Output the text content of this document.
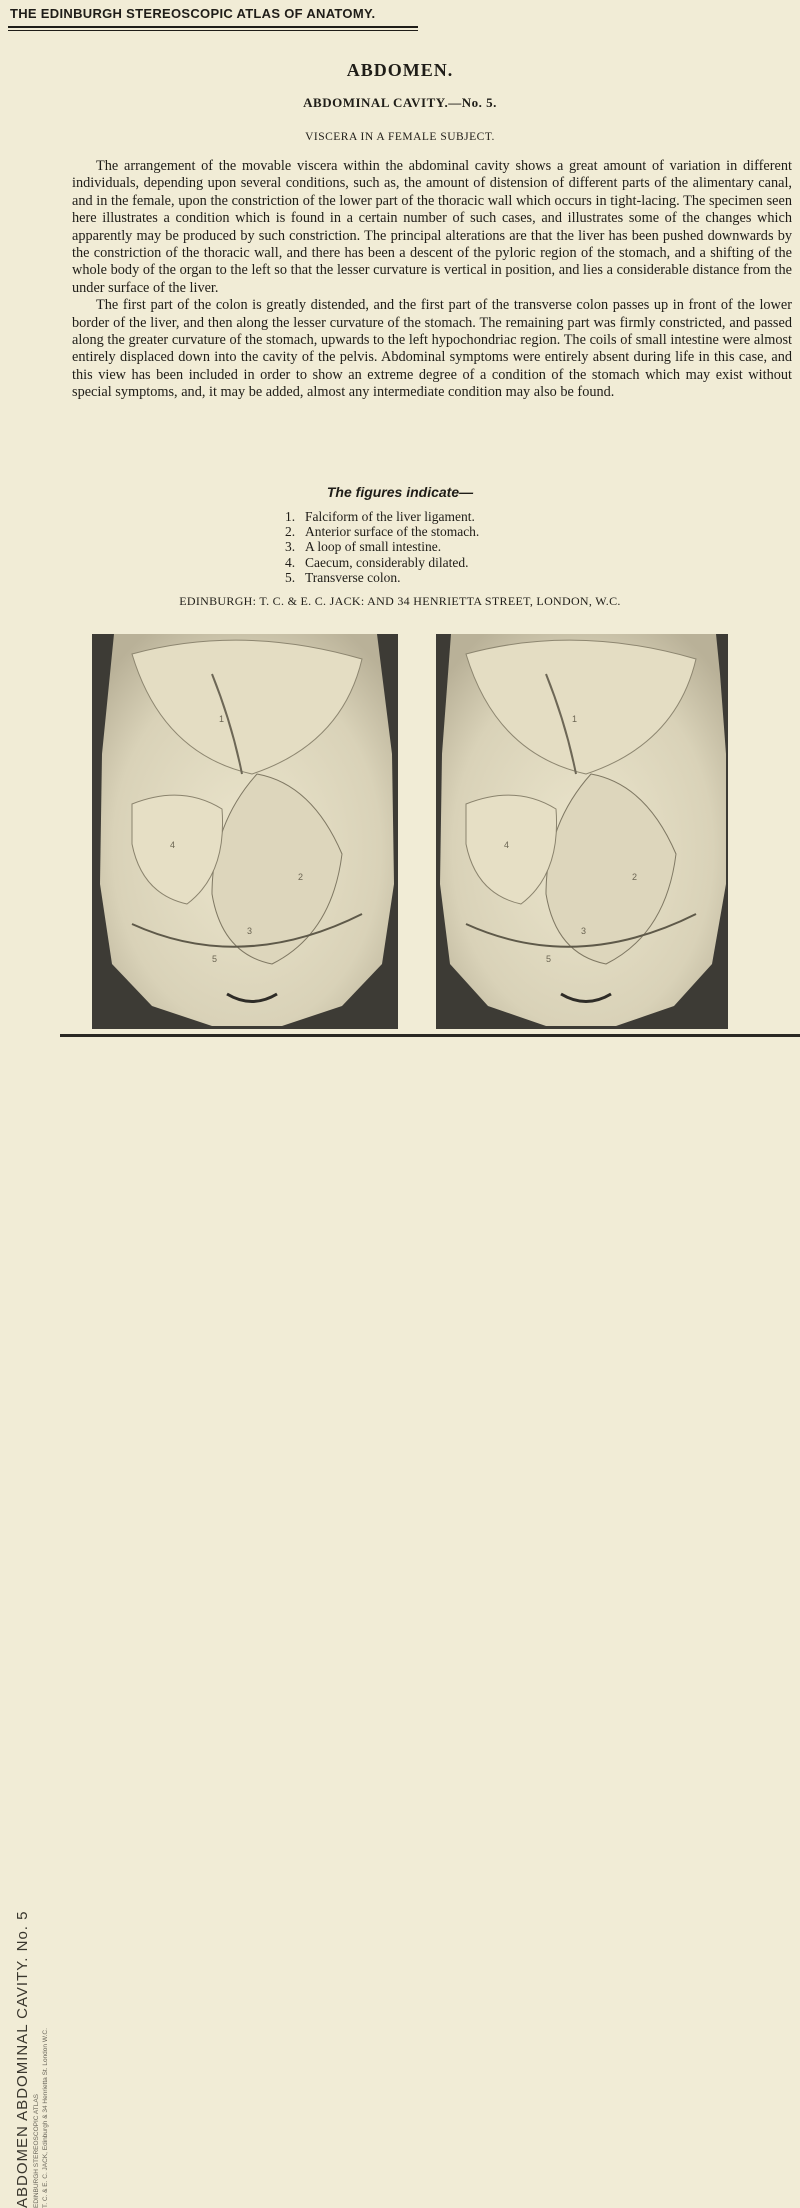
THE EDINBURGH STEREOSCOPIC ATLAS OF ANATOMY.
ABDOMEN.
ABDOMINAL CAVITY.—No. 5.
VISCERA IN A FEMALE SUBJECT.

The arrangement of the movable viscera within the abdominal cavity shows a great amount of variation in different individuals, depending upon several conditions, such as, the amount of distension of different parts of the alimentary canal, and in the female, upon the constriction of the lower part of the thoracic wall which occurs in tight-lacing. The specimen seen here illustrates a condition which is found in a certain number of such cases, and illustrates some of the changes which apparently may be produced by such constriction. The principal alterations are that the liver has been pushed downwards by the constriction of the thoracic wall, and there has been a descent of the pyloric region of the stomach, and a shifting of the whole body of the organ to the left so that the lesser curvature is vertical in position, and lies a considerable distance from the under surface of the liver.

The first part of the colon is greatly distended, and the first part of the transverse colon passes up in front of the lower border of the liver, and then along the lesser curvature of the stomach. The remaining part was firmly constricted, and passed along the greater curvature of the stomach, upwards to the left hypochondriac region. The coils of small intestine were almost entirely displaced down into the cavity of the pelvis. Abdominal symptoms were entirely absent during life in this case, and this view has been included in order to show an extreme degree of a condition of the stomach which may exist without special symptoms, and, it may be added, almost any intermediate condition may also be found.

The figures indicate—
1. Falciform of the liver ligament.
2. Anterior surface of the stomach.
3. A loop of small intestine.
4. Caecum, considerably dilated.
5. Transverse colon.
EDINBURGH: T. C. & E. C. JACK: AND 34 HENRIETTA STREET, LONDON, W.C.
ABDOMEN ABDOMINAL CAVITY. No. 5 EDINBURGH STEREOSCOPIC ATLAS T. C. & E. C. JACK, Edinburgh & 34 Henrietta St. London W.C.
1
2
3
4
5
1
2
3
4
5
